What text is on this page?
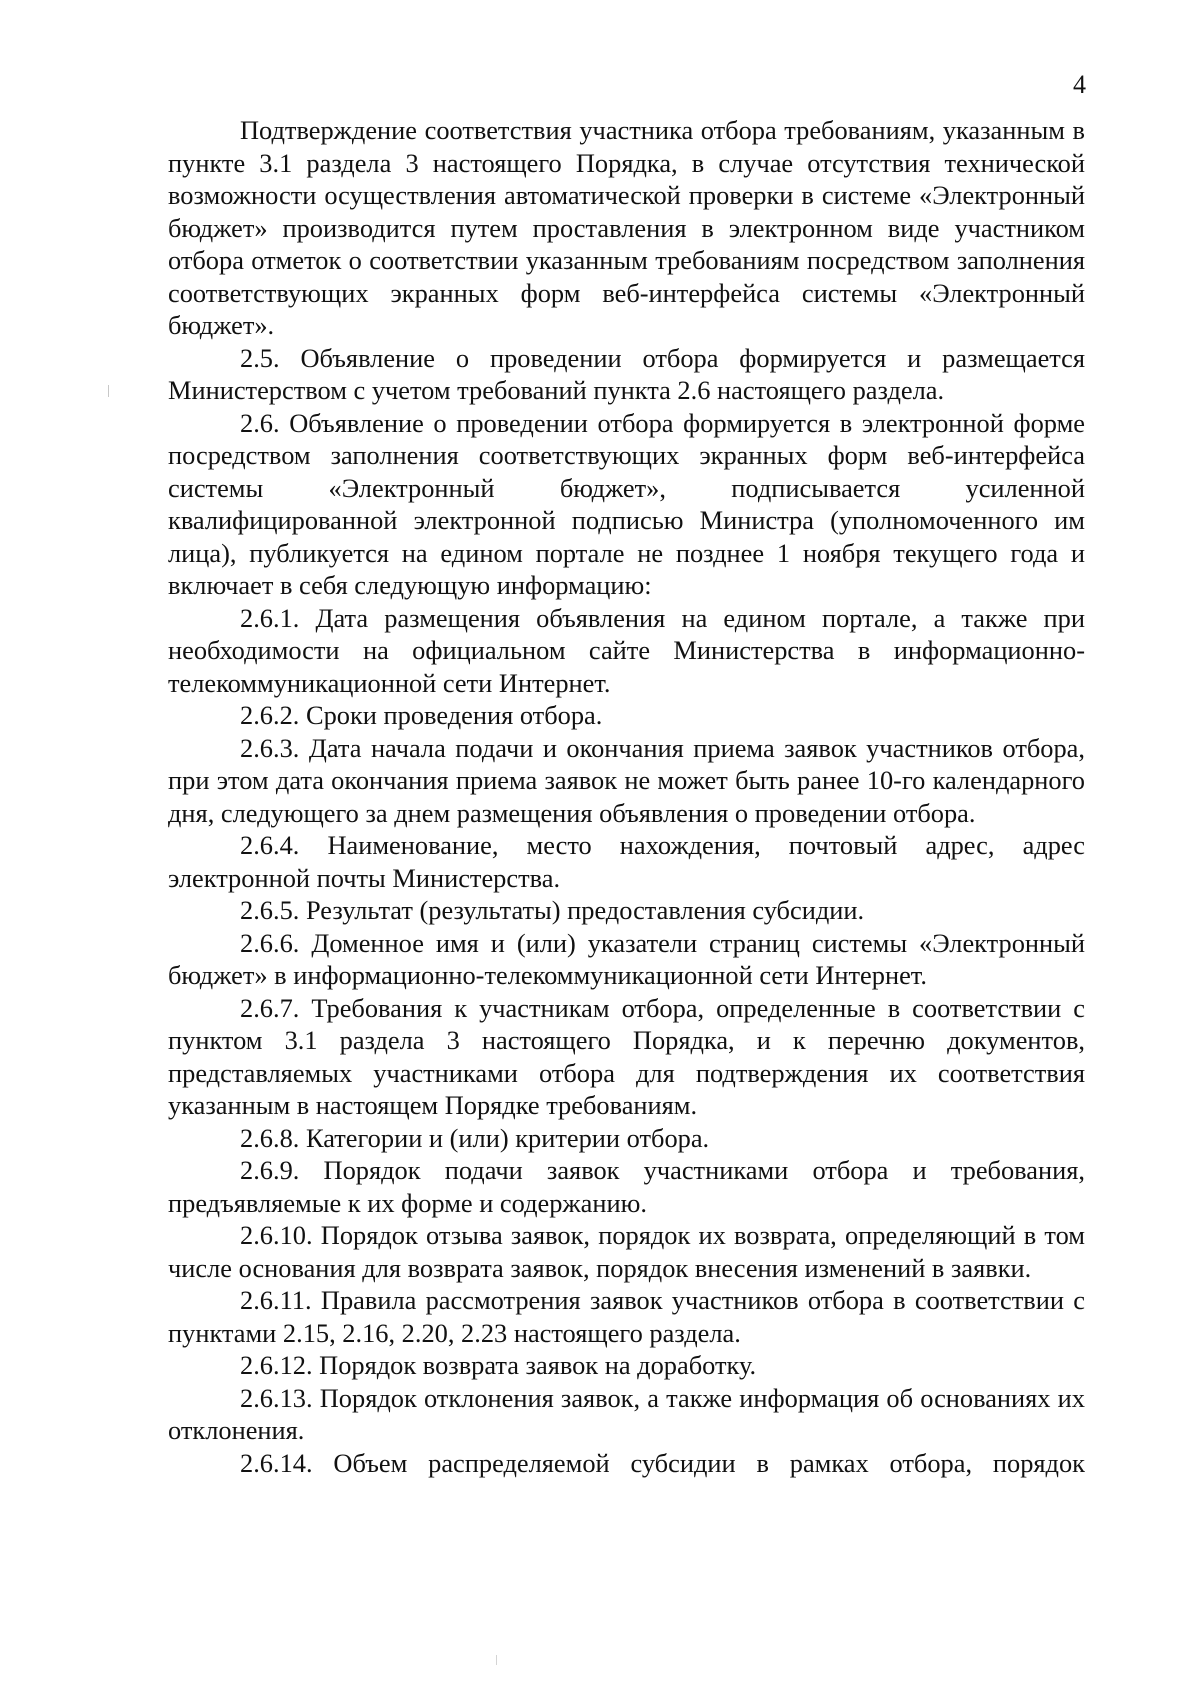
4

Подтверждение соответствия участника отбора требованиям, указанным в пункте 3.1 раздела 3 настоящего Порядка, в случае отсутствия технической возможности осуществления автоматической проверки в системе «Электронный бюджет» производится путем проставления в электронном виде участником отбора отметок о соответствии указанным требованиям посредством заполнения соответствующих экранных форм веб-интерфейса системы «Электронный бюджет».

2.5. Объявление о проведении отбора формируется и размещается Министерством с учетом требований пункта 2.6 настоящего раздела.

2.6. Объявление о проведении отбора формируется в электронной форме посредством заполнения соответствующих экранных форм веб-интерфейса системы «Электронный бюджет», подписывается усиленной квалифицированной электронной подписью Министра (уполномоченного им лица), публикуется на едином портале не позднее 1 ноября текущего года и включает в себя следующую информацию:

2.6.1. Дата размещения объявления на едином портале, а также при необходимости на официальном сайте Министерства в информационно-телекоммуникационной сети Интернет.

2.6.2. Сроки проведения отбора.

2.6.3. Дата начала подачи и окончания приема заявок участников отбора, при этом дата окончания приема заявок не может быть ранее 10-го календарного дня, следующего за днем размещения объявления о проведении отбора.

2.6.4. Наименование, место нахождения, почтовый адрес, адрес электронной почты Министерства.

2.6.5. Результат (результаты) предоставления субсидии.

2.6.6. Доменное имя и (или) указатели страниц системы «Электронный бюджет» в информационно-телекоммуникационной сети Интернет.

2.6.7. Требования к участникам отбора, определенные в соответствии с пунктом 3.1 раздела 3 настоящего Порядка, и к перечню документов, представляемых участниками отбора для подтверждения их соответствия указанным в настоящем Порядке требованиям.

2.6.8. Категории и (или) критерии отбора.

2.6.9. Порядок подачи заявок участниками отбора и требования, предъявляемые к их форме и содержанию.

2.6.10. Порядок отзыва заявок, порядок их возврата, определяющий в том числе основания для возврата заявок, порядок внесения изменений в заявки.

2.6.11. Правила рассмотрения заявок участников отбора в соответствии с пунктами 2.15, 2.16, 2.20, 2.23 настоящего раздела.

2.6.12. Порядок возврата заявок на доработку.

2.6.13. Порядок отклонения заявок, а также информация об основаниях их отклонения.

2.6.14. Объем распределяемой субсидии в рамках отбора, порядок
